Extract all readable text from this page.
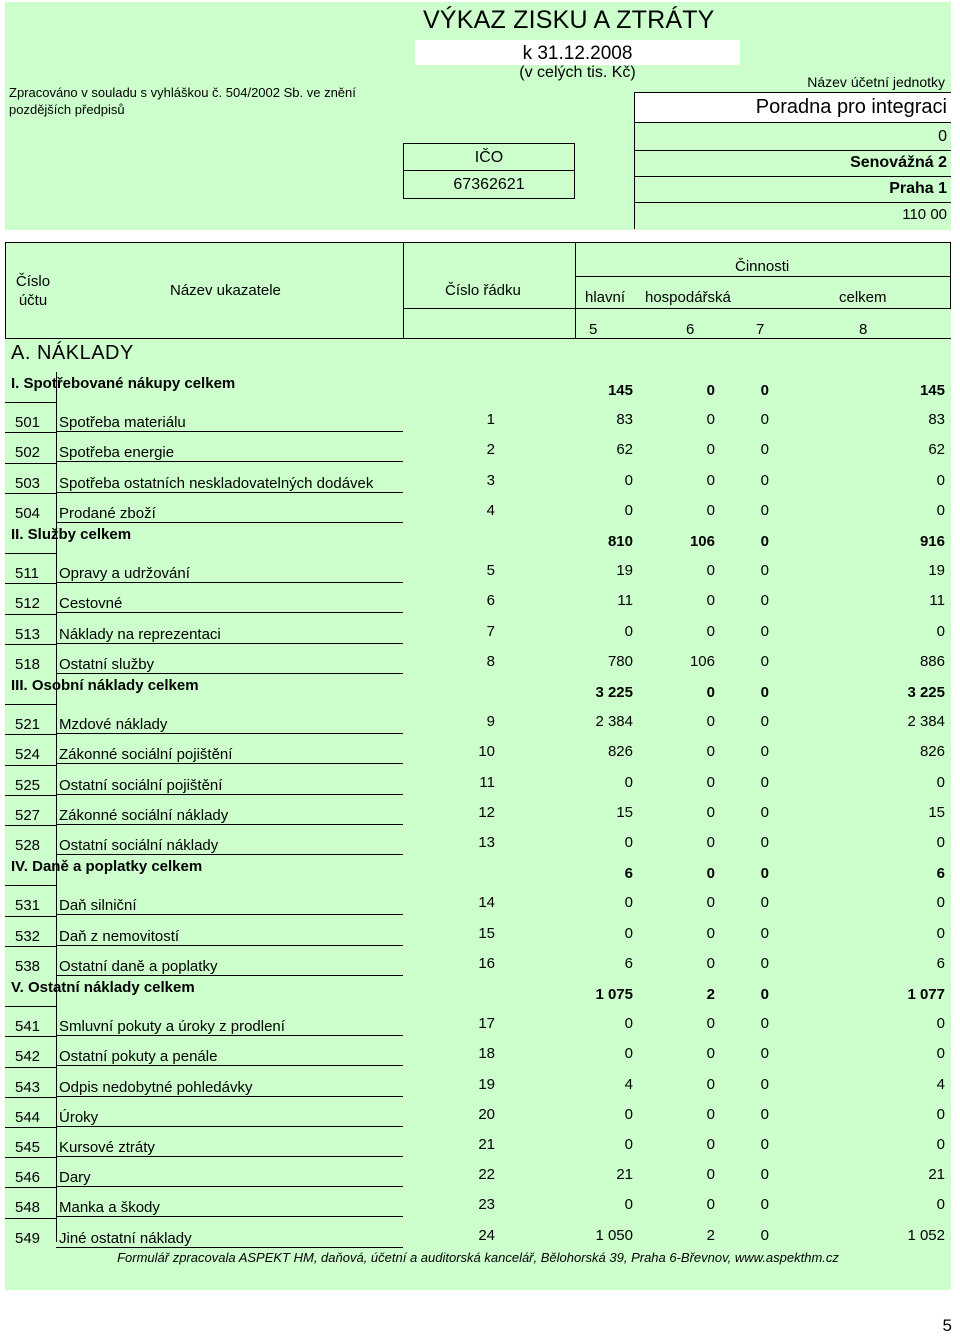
Zpracováno v souladu s vyhláškou č. 504/2002 Sb. ve znění pozdějších předpisů
VÝKAZ ZISKU A ZTRÁTY
k 31.12.2008
(v celých tis. Kč)
Název účetní jednotky
Poradna pro integraci
0
Senovážná 2
Praha 1
110 00
IČO
67362621
Číslo účtu
Název ukazatele	Číslo řádku
Činnosti
hlavní hospodářská	celkem
5	6	7	8
A. NÁKLADY
I. Spotřebované nákupy celkem	145	0	0	145
501	Spotřeba materiálu	1	83	0	0	83
502	Spotřeba energie	2	62	0	0	62
503	Spotřeba ostatních neskladovatelných dodávek	3	0	0	0	0
504	Prodané zboží	4	0	0	0	0
II. Služby celkem	810	106	0	916
511	Opravy a udržování	5	19	0	0	19
512	Cestovné	6	11	0	0	11
513	Náklady na reprezentaci	7	0	0	0	0
518	Ostatní služby	8	780	106	0	886
III. Osobní náklady celkem	3 225	0	0	3 225
521	Mzdové náklady	9	2 384	0	0	2 384
524	Zákonné sociální pojištění	10	826	0	0	826
525	Ostatní sociální pojištění	11	0	0	0	0
527	Zákonné sociální náklady	12	15	0	0	15
528	Ostatní sociální náklady	13	0	0	0	0
IV. Daně a poplatky celkem	6	0	0	6
531	Daň silniční	14	0	0	0	0
532	Daň z nemovitostí	15	0	0	0	0
538	Ostatní daně a poplatky	16	6	0	0	6
V. Ostatní náklady celkem	1 075	2	0	1 077
541	Smluvní pokuty a úroky z prodlení	17	0	0	0	0
542	Ostatní pokuty a penále	18	0	0	0	0
543	Odpis nedobytné pohledávky	19	4	0	0	4
544	Úroky	20	0	0	0	0
545	Kursové ztráty	21	0	0	0	0
546	Dary	22	21	0	0	21
548	Manka a škody	23	0	0	0	0
549	Jiné ostatní náklady	24	1 050	2	0	1 052
Formulář zpracovala ASPEKT HM, daňová, účetní a auditorská kancelář, Bělohorská 39, Praha 6-Břevnov, www.aspekthm.cz
5
